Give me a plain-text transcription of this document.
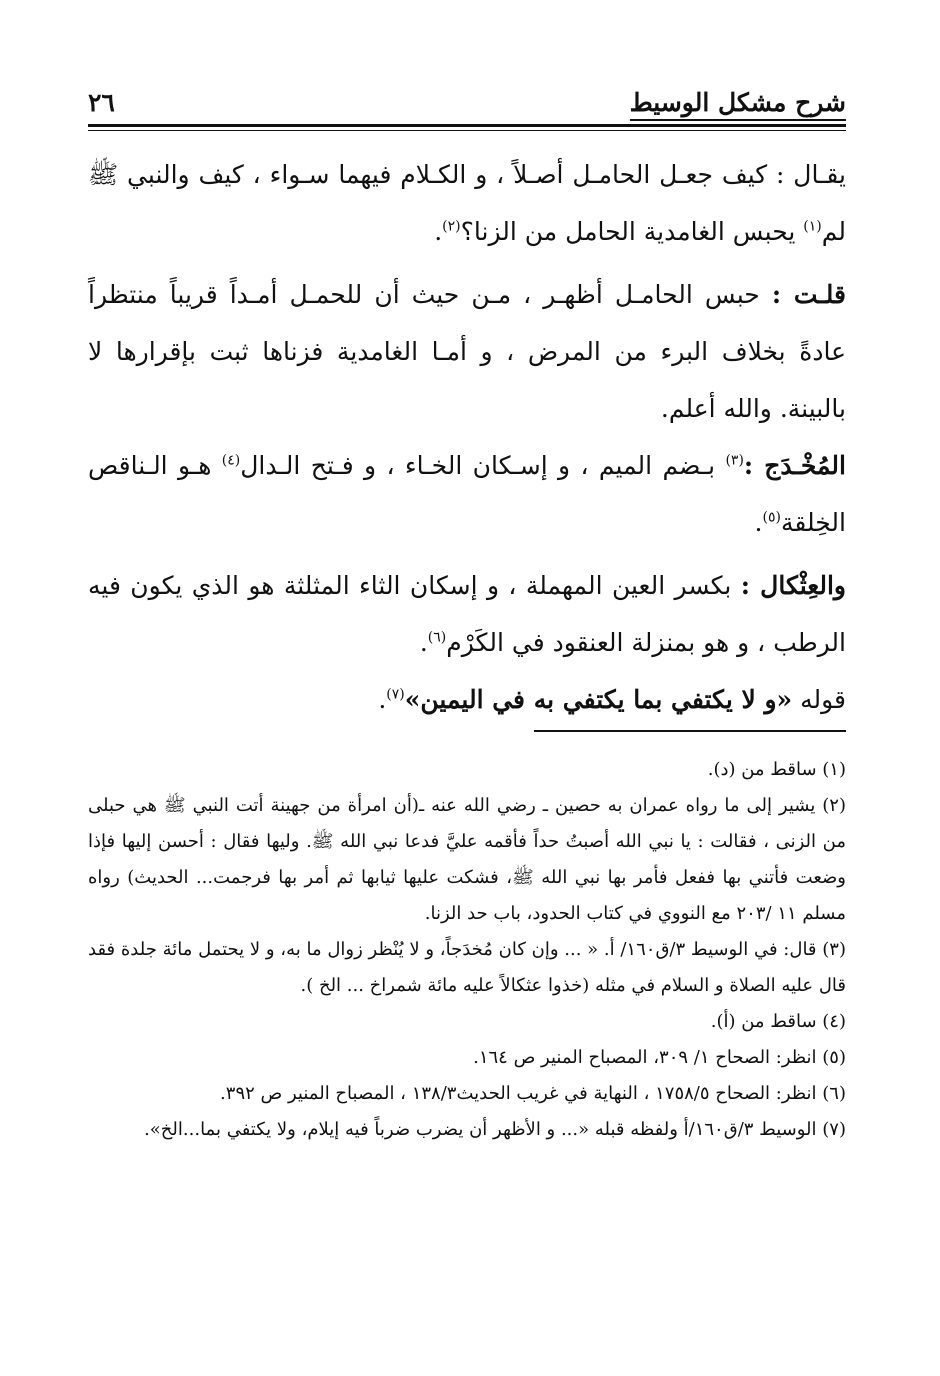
شرح مشكل الوسيط
٢٦

يقـال : كيف جعـل الحامـل أصـلاً ، و الكـلام فيهما سـواء ، كيف والنبي ﷺ لم$^{(١)}$ يحبس الغامدية الحامل من الزنا؟$^{(٢)}$.

قلـت : حبس الحامـل أظهـر ، مـن حيث أن للحمـل أمـداً قريباً منتظراً عادةً بخلاف البرء من المرض ، و أمـا الغامدية فزناها ثبت بإقرارها لا بالبينة. والله أعلم.

المُخْـدَج :$^{(٣)}$ بـضم الميم ، و إسـكان الخـاء ، و فـتح الـدال$^{(٤)}$ هـو الـناقص الخِلقة$^{(٥)}$.

والعِثْكال : بكسر العين المهملة ، و إسكان الثاء المثلثة هو الذي يكون فيه الرطب ، و هو بمنزلة العنقود في الكَرْم$^{(٦)}$.

قوله «و لا يكتفي بما يكتفي به في اليمين»$^{(٧)}$.

(١) ساقط من (د).

(٢) يشير إلى ما رواه عمران به حصين ـ رضي الله عنه ـ(أن امرأة من جهينة أتت النبي ﷺ هي حبلى من الزنى ، فقالت : يا نبي الله أصبتُ حداً فأقمه عليَّ فدعا نبي الله ﷺ. وليها فقال : أحسن إليها فإذا وضعت فأتني بها ففعل فأمر بها نبي الله ﷺ، فشكت عليها ثيابها ثم أمر بها فرجمت... الحديث) رواه مسلم ١١ /٢٠٣ مع النووي في كتاب الحدود، باب حد الزنا.

(٣) قال: في الوسيط ٣/ق١٦٠/ أ. « ... وإن كان مُخدَجاً، و لا يُنْظر زوال ما به، و لا يحتمل مائة جلدة فقد قال عليه الصلاة و السلام في مثله (خذوا عثكالاً عليه مائة شمراخ ... الخ ).

(٤) ساقط من (أ).

(٥) انظر: الصحاح ١/ ٣٠٩، المصباح المنير ص ١٦٤.

(٦) انظر: الصحاح ١٧٥٨/٥ ، النهاية في غريب الحديث١٣٨/٣ ، المصباح المنير ص ٣٩٢.

(٧) الوسيط ٣/ق١٦٠/أ ولفظه قبله «... و الأظهر أن يضرب ضرباً فيه إيلام، ولا يكتفي بما...الخ».
